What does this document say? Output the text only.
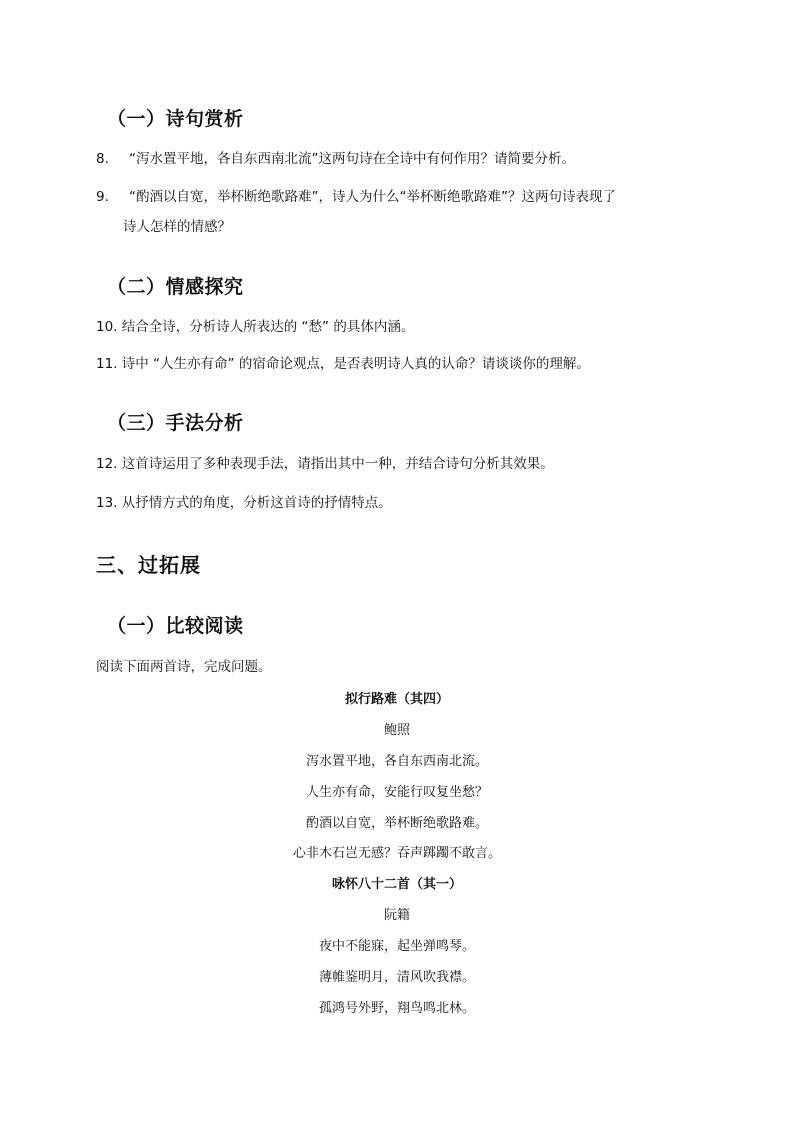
（一）诗句赏析
8. “泻水置平地，各自东西南北流”这两句诗在全诗中有何作用？请简要分析。
9. “酌酒以自宽，举杯断绝歌路难”，诗人为什么“举杯断绝歌路难”？这两句诗表现了
诗人怎样的情感？
（二）情感探究
10. 结合全诗，分析诗人所表达的 “愁” 的具体内涵。
11. 诗中 “人生亦有命” 的宿命论观点，是否表明诗人真的认命？请谈谈你的理解。
（三）手法分析
12. 这首诗运用了多种表现手法，请指出其中一种，并结合诗句分析其效果。
13. 从抒情方式的角度，分析这首诗的抒情特点。
三、过拓展
（一）比较阅读
阅读下面两首诗，完成问题。
拟行路难（其四）
鲍照
泻水置平地，各自东西南北流。
人生亦有命，安能行叹复坐愁？
酌酒以自宽，举杯断绝歌路难。
心非木石岂无感？吞声踯躅不敢言。
咏怀八十二首（其一）
阮籍
夜中不能寐，起坐弹鸣琴。
薄帷鉴明月，清风吹我襟。
孤鸿号外野，翔鸟鸣北林。
